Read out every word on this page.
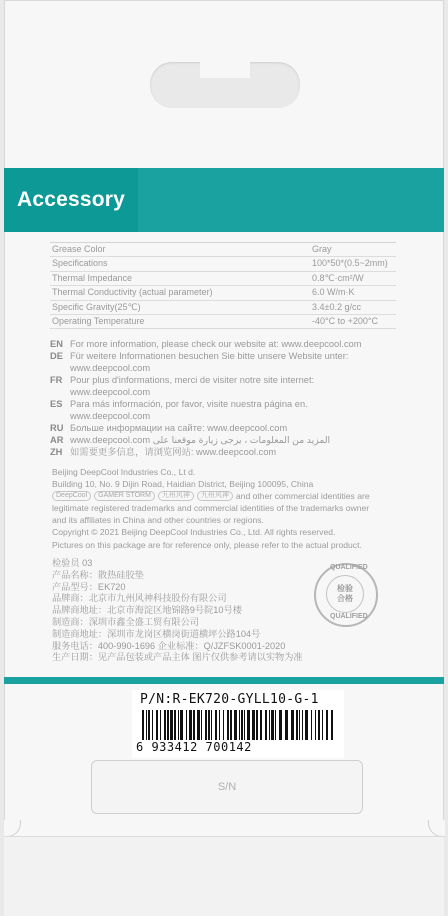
Accessory
Grease Color	Gray
Specifications	100*50*(0.5~2mm)
Thermal Impedance	0.8℃·cm²/W
Thermal Conductivity (actual parameter)	6.0 W/m·K
Specific Gravity(25℃)	3.4±0.2 g/cc
Operating Temperature	-40°C to +200°C
EN For more information, please check our website at: www.deepcool.com
DE Für weitere Informationen besuchen Sie bitte unsere Website unter:
www.deepcool.com
FR Pour plus d'informations, merci de visiter notre site internet:
www.deepcool.com
ES Para más información, por favor, visite nuestra página en.
www.deepcool.com
RU Больше информации на сайте: www.deepcool.com
AR www.deepcool.com المزيد من المعلومات ، يرجى زيارة موقعنا على
ZH 如需要更多信息，请浏览网站: www.deepcool.com
Beijing DeepCool Industries Co., Lt d.
Building 10, No. 9 Dijin Road, Haidian District, Beijing 100095, China
DeepCool	GAMER STORM	九州风神	九州风神 and other commercial identities are
legitimate registered trademarks and commercial identities of the trademarks owner
and its affiliates in China and other countries or regions.
Copyright © 2021 Beijing DeepCool Industries Co., Ltd. All rights reserved.
Pictures on this package are for reference only, please refer to the actual product.
检验员 03
产品名称：散热硅胶垫
产品型号：EK720
品牌商：北京市九州风神科技股份有限公司
品牌商地址：北京市海淀区地锦路9号院10号楼
制造商：深圳市鑫全盛工贸有限公司
制造商地址：深圳市龙岗区横岗街道横坪公路104号
服务电话：400-990-1696 企业标准：Q/JZFSK0001-2020
生产日期：见产品包装或产品主体 图片仅供参考请以实物为准
QUALIFIED
QUALIFIED
检验
合格
P/N:R-EK720-GYLL10-G-1
6 933412 700142
S/N
